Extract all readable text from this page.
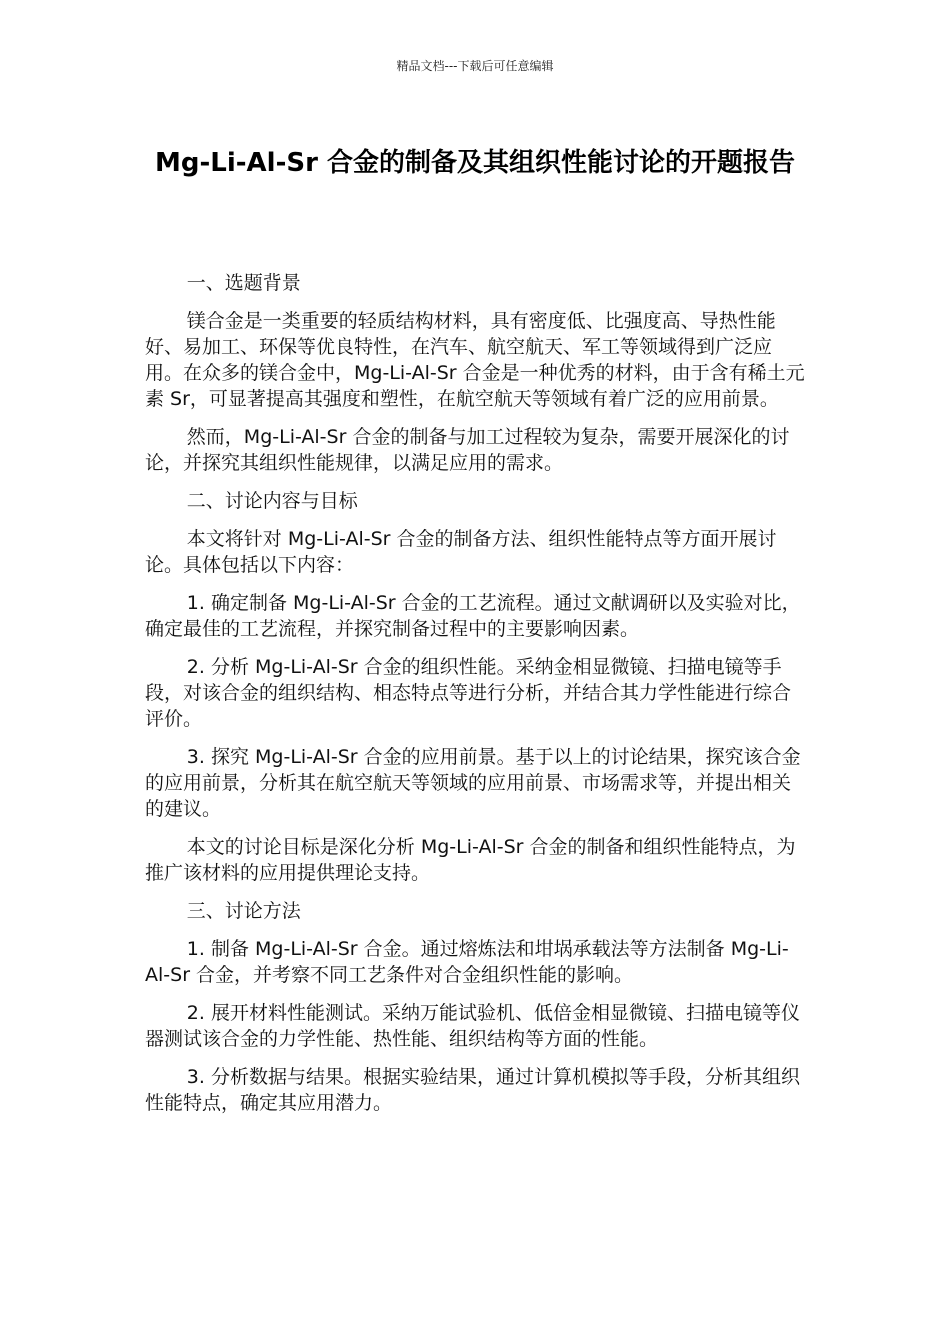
精品文档---下载后可任意编辑
Mg-Li-Al-Sr 合金的制备及其组织性能讨论的开题报告

一、选题背景

镁合金是一类重要的轻质结构材料，具有密度低、比强度高、导热性能好、易加工、环保等优良特性，在汽车、航空航天、军工等领域得到广泛应用。在众多的镁合金中，Mg-Li-Al-Sr 合金是一种优秀的材料，由于含有稀土元素 Sr，可显著提高其强度和塑性，在航空航天等领域有着广泛的应用前景。

然而，Mg-Li-Al-Sr 合金的制备与加工过程较为复杂，需要开展深化的讨论，并探究其组织性能规律，以满足应用的需求。

二、讨论内容与目标

本文将针对 Mg-Li-Al-Sr 合金的制备方法、组织性能特点等方面开展讨论。具体包括以下内容：

1. 确定制备 Mg-Li-Al-Sr 合金的工艺流程。通过文献调研以及实验对比，确定最佳的工艺流程，并探究制备过程中的主要影响因素。

2. 分析 Mg-Li-Al-Sr 合金的组织性能。采纳金相显微镜、扫描电镜等手段，对该合金的组织结构、相态特点等进行分析，并结合其力学性能进行综合评价。

3. 探究 Mg-Li-Al-Sr 合金的应用前景。基于以上的讨论结果，探究该合金的应用前景，分析其在航空航天等领域的应用前景、市场需求等，并提出相关的建议。

本文的讨论目标是深化分析 Mg-Li-Al-Sr 合金的制备和组织性能特点，为推广该材料的应用提供理论支持。

三、讨论方法

1. 制备 Mg-Li-Al-Sr 合金。通过熔炼法和坩埚承载法等方法制备 Mg-Li-Al-Sr 合金，并考察不同工艺条件对合金组织性能的影响。

2. 展开材料性能测试。采纳万能试验机、低倍金相显微镜、扫描电镜等仪器测试该合金的力学性能、热性能、组织结构等方面的性能。

3. 分析数据与结果。根据实验结果，通过计算机模拟等手段，分析其组织性能特点，确定其应用潜力。
